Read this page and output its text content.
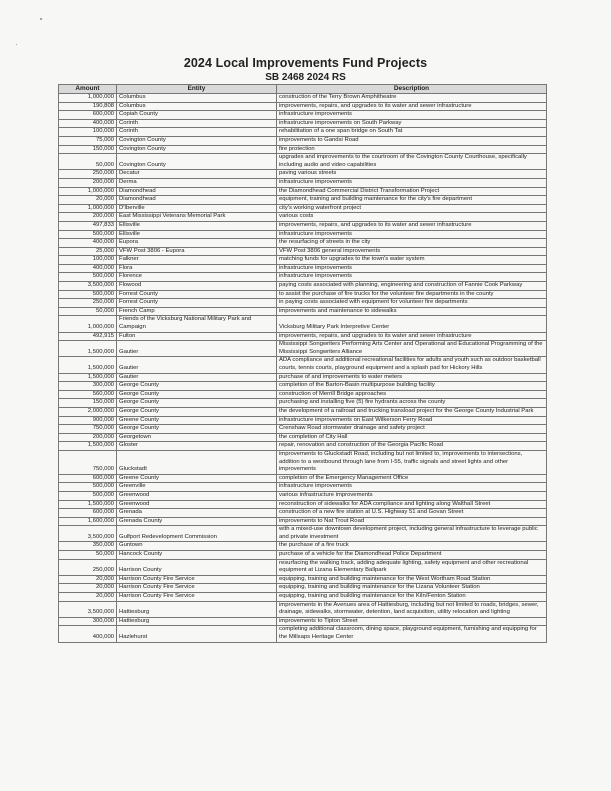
2024 Local Improvements Fund Projects
SB 2468 2024 RS
Amount	Entity	Description
1,000,000	Columbus	construction of the Terry Brown Amphitheatre
190,808	Columbus	improvements, repairs, and upgrades to its water and sewer infrastructure
600,000	Copiah County	infrastructure improvements
400,000	Corinth	infrastructure improvements on South Parkway
100,000	Corinth	rehabilitation of a one span bridge on South Tat
75,000	Covington County	improvements to Gandsi Road
150,000	Covington County	fire protection
50,000	Covington County	upgrades and improvements to the courtroom of the Covington County Courthouse, specifically including audio and video capabilities
250,000	Decatur	paving various streets
200,000	Derma	infrastructure improvements
1,000,000	Diamondhead	the Diamondhead Commercial District Transformation Project
20,000	Diamondhead	equipment, training and building maintenance for the city's fire department
1,000,000	D'Iberville	city's working waterfront project
200,000	East Mississippi Veterans Memorial Park	various costs
497,833	Ellisville	improvements, repairs, and upgrades to its water and sewer infrastructure
500,000	Ellisville	infrastructure improvements
400,000	Eupora	the resurfacing of streets in the city
25,000	VFW Post 3806 - Eupora	VFW Post 3806 general improvements
100,000	Falkner	matching funds for upgrades to the town's water system
400,000	Flora	infrastructure improvements
500,000	Florence	infrastructure improvements
3,500,000	Flowood	paying costs associated with planning, engineering and construction of Fannie Cook Parkway
500,000	Forrest County	to assist the purchase of fire trucks for the volunteer fire departments in the county
250,000	Forrest County	in paying costs associated with equipment for volunteer fire departments
50,000	French Camp	improvements and maintenance to sidewalks
1,000,000	Friends of the Vicksburg National Military Park and Campaign	Vicksburg Military Park Interpretive Center
492,915	Fulton	improvements, repairs, and upgrades to its water and sewer infrastructure
1,500,000	Gautier	Mississippi Songwriters Performing Arts Center and Operational and Educational Programming of the Mississippi Songwriters Alliance
1,500,000	Gautier	ADA compliance and additional recreational facilities for adults and youth such as outdoor basketball courts, tennis courts, playground equipment and a splash pad for Hickory Hills
1,500,000	Gautier	purchase of and improvements to water meters
300,000	George County	completion of the Barton-Basin multipurpose building facility
560,000	George County	construction of Merrill Bridge approaches
150,000	George County	purchasing and installing five (5) fire hydrants across the county
2,000,000	George County	the development of a railroad and trucking transload project for the George County Industrial Park
900,000	Greene County	infrastructure improvements on East Wilkerson Ferry Road
750,000	George County	Crenshaw Road stormwater drainage and safety project
200,000	Georgetown	the completion of City Hall
1,500,000	Gloster	repair, renovation and construction of the Georgia Pacific Road
750,000	Gluckstadt	improvements to Gluckstadt Road, including but not limited to, improvements to intersections, addition to a westbound through lane from I-55, traffic signals and street lights and other improvements
600,000	Greene County	completion of the Emergency Management Office
500,000	Greenville	infrastructure improvements
500,000	Greenwood	various infrastructure improvements
1,500,000	Greenwood	reconstruction of sidewalks for ADA compliance and lighting along Walthall Street
600,000	Grenada	construction of a new fire station at U.S. Highway 51 and Govan Street
1,600,000	Grenada County	improvements to Nat Trout Road
3,500,000	Gulfport Redevelopment Commission	with a mixed-use downtown development project, including general infrastructure to leverage public and private investment
350,000	Guntown	the purchase of a fire truck
50,000	Hancock County	purchase of a vehicle for the Diamondhead Police Department
250,000	Harrison County	resurfacing the walking track, adding adequate lighting, safety equipment and other recreational equipment at Lizana Elementary Ballpark
20,000	Harrison County Fire Service	equipping, training and building maintenance for the West Wortham Road Station
20,000	Harrison County Fire Service	equipping, training and building maintenance for the Lizana Volunteer Station
20,000	Harrison County Fire Service	equipping, training and building maintenance for the Kiln/Fenton Station
3,500,000	Hattiesburg	improvements in the Avenues area of Hattiesburg, including but not limited to roads, bridges, sewer, drainage, sidewalks, stormwater, detention, land acquisition, utility relocation and lighting
300,000	Hattiesburg	improvements to Tipton Street
400,000	Hazlehurst	completing additional classroom, dining space, playground equipment, furnishing and equipping for the Millsaps Heritage Center
